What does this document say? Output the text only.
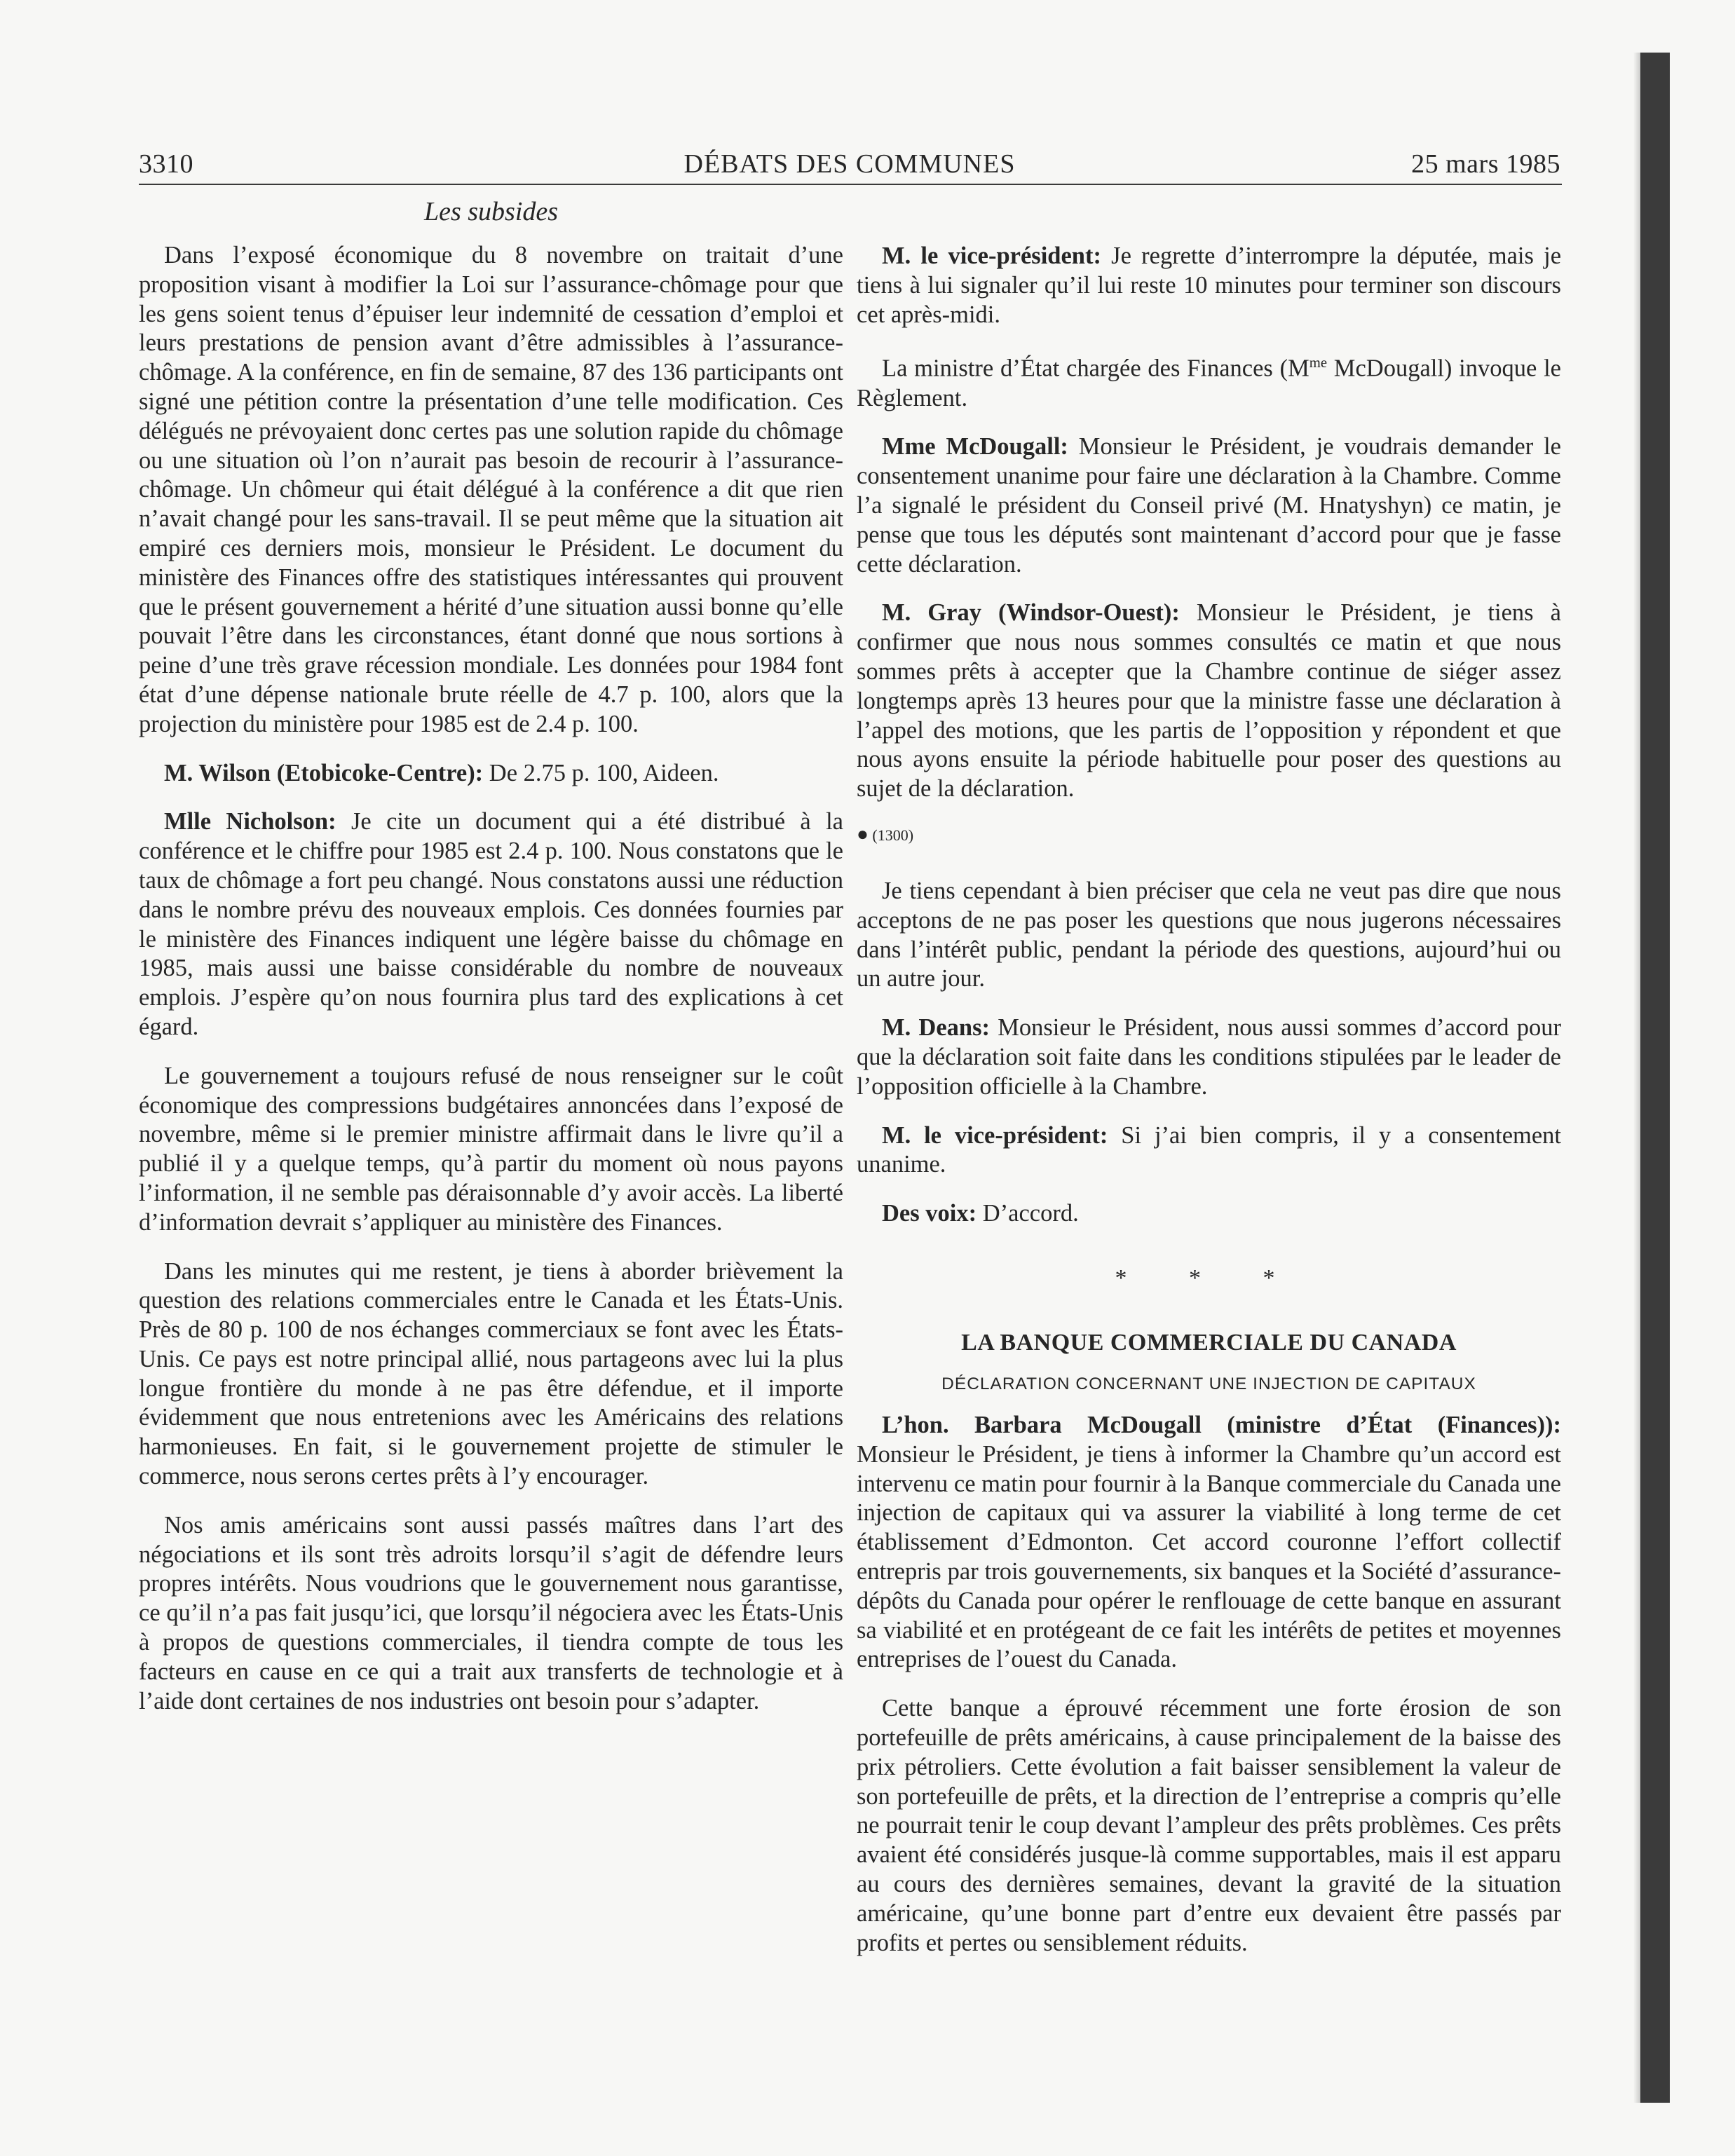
3310	DÉBATS DES COMMUNES	25 mars 1985
Les subsides

Dans l’exposé économique du 8 novembre on traitait d’une proposition visant à modifier la Loi sur l’assurance-chômage pour que les gens soient tenus d’épuiser leur indemnité de cessation d’emploi et leurs prestations de pension avant d’être admissibles à l’assurance-chômage. A la conférence, en fin de semaine, 87 des 136 participants ont signé une pétition contre la présentation d’une telle modification. Ces délégués ne prévoyaient donc certes pas une solution rapide du chômage ou une situation où l’on n’aurait pas besoin de recourir à l’assurance-chômage. Un chômeur qui était délégué à la conférence a dit que rien n’avait changé pour les sans-travail. Il se peut même que la situation ait empiré ces derniers mois, monsieur le Président. Le document du ministère des Finances offre des statistiques intéressantes qui prouvent que le présent gouvernement a hérité d’une situation aussi bonne qu’elle pouvait l’être dans les circonstances, étant donné que nous sortions à peine d’une très grave récession mondiale. Les données pour 1984 font état d’une dépense nationale brute réelle de 4.7 p. 100, alors que la projection du ministère pour 1985 est de 2.4 p. 100.

M. Wilson (Etobicoke-Centre): De 2.75 p. 100, Aideen.

Mlle Nicholson: Je cite un document qui a été distribué à la conférence et le chiffre pour 1985 est 2.4 p. 100. Nous constatons que le taux de chômage a fort peu changé. Nous constatons aussi une réduction dans le nombre prévu des nouveaux emplois. Ces données fournies par le ministère des Finances indiquent une légère baisse du chômage en 1985, mais aussi une baisse considérable du nombre de nouveaux emplois. J’espère qu’on nous fournira plus tard des explications à cet égard.

Le gouvernement a toujours refusé de nous renseigner sur le coût économique des compressions budgétaires annoncées dans l’exposé de novembre, même si le premier ministre affirmait dans le livre qu’il a publié il y a quelque temps, qu’à partir du moment où nous payons l’information, il ne semble pas déraisonnable d’y avoir accès. La liberté d’information devrait s’appliquer au ministère des Finances.

Dans les minutes qui me restent, je tiens à aborder brièvement la question des relations commerciales entre le Canada et les États-Unis. Près de 80 p. 100 de nos échanges commerciaux se font avec les États-Unis. Ce pays est notre principal allié, nous partageons avec lui la plus longue frontière du monde à ne pas être défendue, et il importe évidemment que nous entretenions avec les Américains des relations harmonieuses. En fait, si le gouvernement projette de stimuler le commerce, nous serons certes prêts à l’y encourager.

Nos amis américains sont aussi passés maîtres dans l’art des négociations et ils sont très adroits lorsqu’il s’agit de défendre leurs propres intérêts. Nous voudrions que le gouvernement nous garantisse, ce qu’il n’a pas fait jusqu’ici, que lorsqu’il négociera avec les États-Unis à propos de questions commerciales, il tiendra compte de tous les facteurs en cause en ce qui a trait aux transferts de technologie et à l’aide dont certaines de nos industries ont besoin pour s’adapter.

M. le vice-président: Je regrette d’interrompre la députée, mais je tiens à lui signaler qu’il lui reste 10 minutes pour terminer son discours cet après-midi.

La ministre d’État chargée des Finances ($M^{me}$ McDougall) invoque le Règlement.

Mme McDougall: Monsieur le Président, je voudrais demander le consentement unanime pour faire une déclaration à la Chambre. Comme l’a signalé le président du Conseil privé (M. Hnatyshyn) ce matin, je pense que tous les députés sont maintenant d’accord pour que je fasse cette déclaration.

M. Gray (Windsor-Ouest): Monsieur le Président, je tiens à confirmer que nous nous sommes consultés ce matin et que nous sommes prêts à accepter que la Chambre continue de siéger assez longtemps après 13 heures pour que la ministre fasse une déclaration à l’appel des motions, que les partis de l’opposition y répondent et que nous ayons ensuite la période habituelle pour poser des questions au sujet de la déclaration.

● (1300)

Je tiens cependant à bien préciser que cela ne veut pas dire que nous acceptons de ne pas poser les questions que nous jugerons nécessaires dans l’intérêt public, pendant la période des questions, aujourd’hui ou un autre jour.

M. Deans: Monsieur le Président, nous aussi sommes d’accord pour que la déclaration soit faite dans les conditions stipulées par le leader de l’opposition officielle à la Chambre.

M. le vice-président: Si j’ai bien compris, il y a consentement unanime.

Des voix: D’accord.

* * *
LA BANQUE COMMERCIALE DU CANADA
DÉCLARATION CONCERNANT UNE INJECTION DE CAPITAUX

L’hon. Barbara McDougall (ministre d’État (Finances)): Monsieur le Président, je tiens à informer la Chambre qu’un accord est intervenu ce matin pour fournir à la Banque commerciale du Canada une injection de capitaux qui va assurer la viabilité à long terme de cet établissement d’Edmonton. Cet accord couronne l’effort collectif entrepris par trois gouvernements, six banques et la Société d’assurance-dépôts du Canada pour opérer le renflouage de cette banque en assurant sa viabilité et en protégeant de ce fait les intérêts de petites et moyennes entreprises de l’ouest du Canada.

Cette banque a éprouvé récemment une forte érosion de son portefeuille de prêts américains, à cause principalement de la baisse des prix pétroliers. Cette évolution a fait baisser sensiblement la valeur de son portefeuille de prêts, et la direction de l’entreprise a compris qu’elle ne pourrait tenir le coup devant l’ampleur des prêts problèmes. Ces prêts avaient été considérés jusque-là comme supportables, mais il est apparu au cours des dernières semaines, devant la gravité de la situation américaine, qu’une bonne part d’entre eux devaient être passés par profits et pertes ou sensiblement réduits.
